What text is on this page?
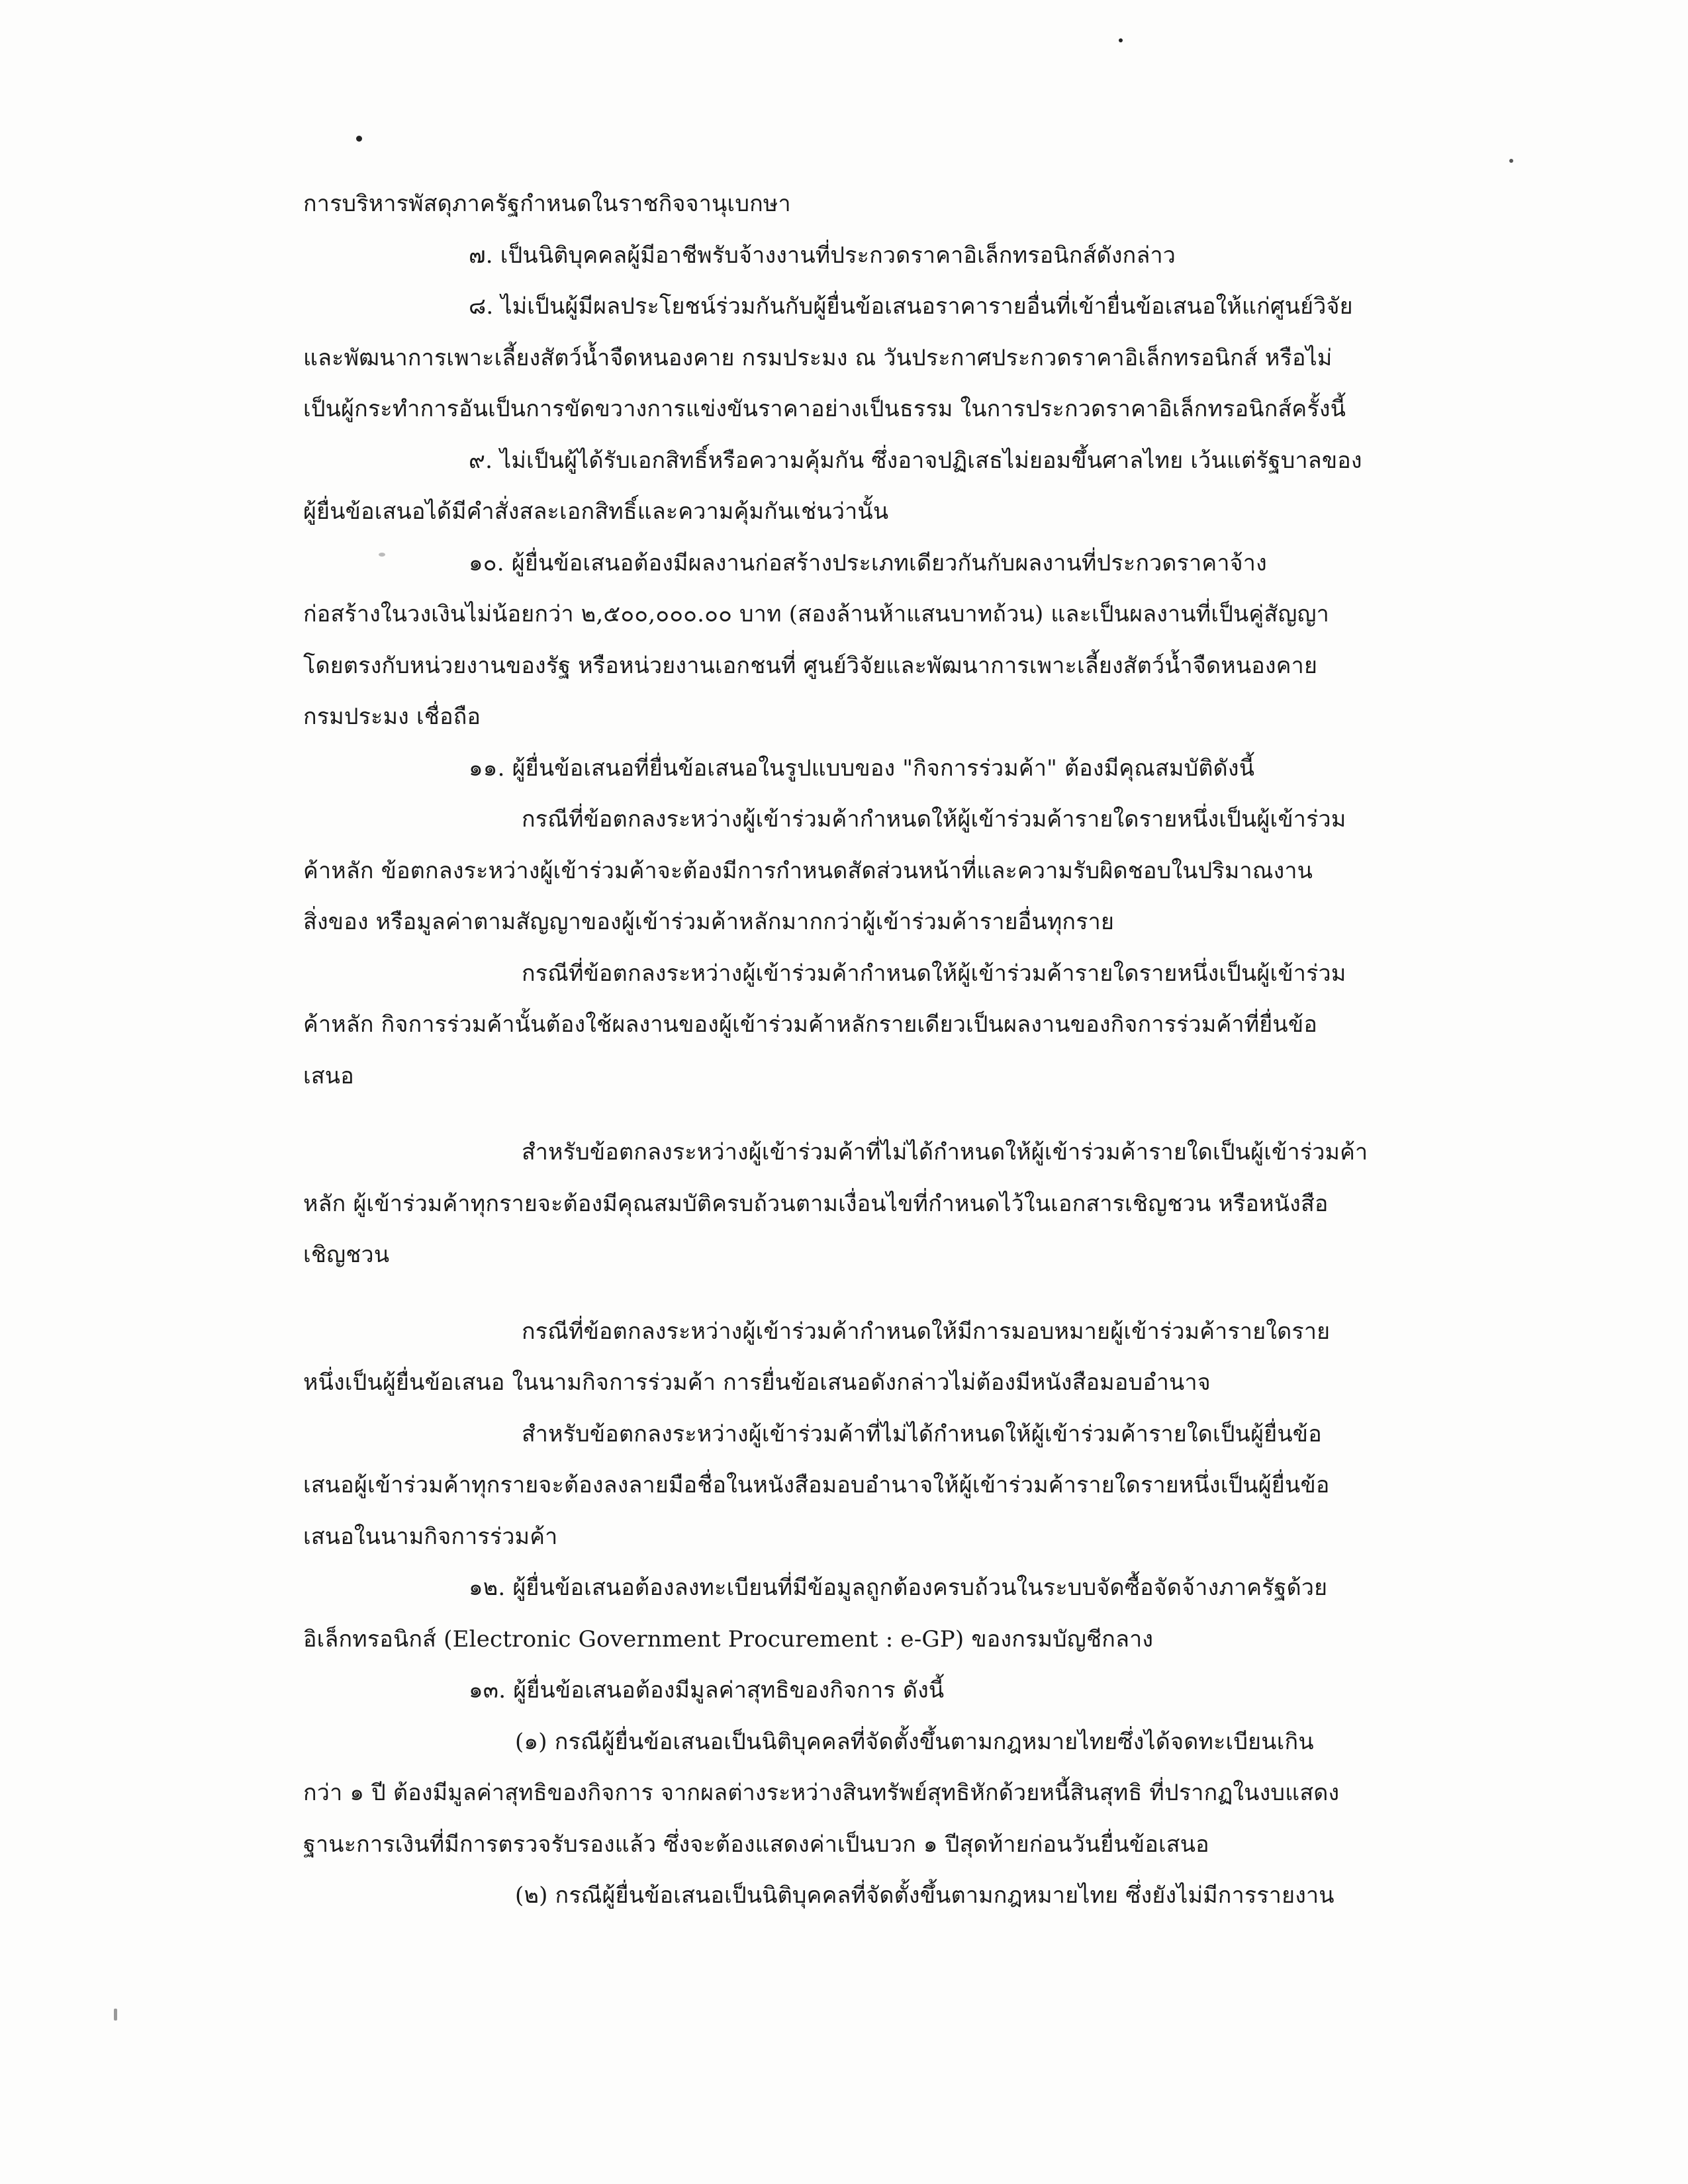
การบริหารพัสดุภาครัฐกำหนดในราชกิจจานุเบกษา
๗. เป็นนิติบุคคลผู้มีอาชีพรับจ้างงานที่ประกวดราคาอิเล็กทรอนิกส์ดังกล่าว
๘. ไม่เป็นผู้มีผลประโยชน์ร่วมกันกับผู้ยื่นข้อเสนอราคารายอื่นที่เข้ายื่นข้อเสนอให้แก่ศูนย์วิจัย
และพัฒนาการเพาะเลี้ยงสัตว์น้ำจืดหนองคาย กรมประมง ณ วันประกาศประกวดราคาอิเล็กทรอนิกส์ หรือไม่
เป็นผู้กระทำการอันเป็นการขัดขวางการแข่งขันราคาอย่างเป็นธรรม ในการประกวดราคาอิเล็กทรอนิกส์ครั้งนี้
๙. ไม่เป็นผู้ได้รับเอกสิทธิ์หรือความคุ้มกัน ซึ่งอาจปฏิเสธไม่ยอมขึ้นศาลไทย เว้นแต่รัฐบาลของ
ผู้ยื่นข้อเสนอได้มีคำสั่งสละเอกสิทธิ์และความคุ้มกันเช่นว่านั้น
๑๐. ผู้ยื่นข้อเสนอต้องมีผลงานก่อสร้างประเภทเดียวกันกับผลงานที่ประกวดราคาจ้าง
ก่อสร้างในวงเงินไม่น้อยกว่า ๒,๕๐๐,๐๐๐.๐๐ บาท (สองล้านห้าแสนบาทถ้วน) และเป็นผลงานที่เป็นคู่สัญญา
โดยตรงกับหน่วยงานของรัฐ หรือหน่วยงานเอกชนที่ ศูนย์วิจัยและพัฒนาการเพาะเลี้ยงสัตว์น้ำจืดหนองคาย
กรมประมง เชื่อถือ
๑๑. ผู้ยื่นข้อเสนอที่ยื่นข้อเสนอในรูปแบบของ "กิจการร่วมค้า" ต้องมีคุณสมบัติดังนี้
กรณีที่ข้อตกลงระหว่างผู้เข้าร่วมค้ากำหนดให้ผู้เข้าร่วมค้ารายใดรายหนึ่งเป็นผู้เข้าร่วม
ค้าหลัก ข้อตกลงระหว่างผู้เข้าร่วมค้าจะต้องมีการกำหนดสัดส่วนหน้าที่และความรับผิดชอบในปริมาณงาน
สิ่งของ หรือมูลค่าตามสัญญาของผู้เข้าร่วมค้าหลักมากกว่าผู้เข้าร่วมค้ารายอื่นทุกราย
กรณีที่ข้อตกลงระหว่างผู้เข้าร่วมค้ากำหนดให้ผู้เข้าร่วมค้ารายใดรายหนึ่งเป็นผู้เข้าร่วม
ค้าหลัก กิจการร่วมค้านั้นต้องใช้ผลงานของผู้เข้าร่วมค้าหลักรายเดียวเป็นผลงานของกิจการร่วมค้าที่ยื่นข้อ
เสนอ
สำหรับข้อตกลงระหว่างผู้เข้าร่วมค้าที่ไม่ได้กำหนดให้ผู้เข้าร่วมค้ารายใดเป็นผู้เข้าร่วมค้า
หลัก ผู้เข้าร่วมค้าทุกรายจะต้องมีคุณสมบัติครบถ้วนตามเงื่อนไขที่กำหนดไว้ในเอกสารเชิญชวน หรือหนังสือ
เชิญชวน
กรณีที่ข้อตกลงระหว่างผู้เข้าร่วมค้ากำหนดให้มีการมอบหมายผู้เข้าร่วมค้ารายใดราย
หนึ่งเป็นผู้ยื่นข้อเสนอ ในนามกิจการร่วมค้า การยื่นข้อเสนอดังกล่าวไม่ต้องมีหนังสือมอบอำนาจ
สำหรับข้อตกลงระหว่างผู้เข้าร่วมค้าที่ไม่ได้กำหนดให้ผู้เข้าร่วมค้ารายใดเป็นผู้ยื่นข้อ
เสนอผู้เข้าร่วมค้าทุกรายจะต้องลงลายมือชื่อในหนังสือมอบอำนาจให้ผู้เข้าร่วมค้ารายใดรายหนึ่งเป็นผู้ยื่นข้อ
เสนอในนามกิจการร่วมค้า
๑๒. ผู้ยื่นข้อเสนอต้องลงทะเบียนที่มีข้อมูลถูกต้องครบถ้วนในระบบจัดซื้อจัดจ้างภาครัฐด้วย
อิเล็กทรอนิกส์ (Electronic Government Procurement : e-GP) ของกรมบัญชีกลาง
๑๓. ผู้ยื่นข้อเสนอต้องมีมูลค่าสุทธิของกิจการ ดังนี้
(๑) กรณีผู้ยื่นข้อเสนอเป็นนิติบุคคลที่จัดตั้งขึ้นตามกฎหมายไทยซึ่งได้จดทะเบียนเกิน
กว่า ๑ ปี ต้องมีมูลค่าสุทธิของกิจการ จากผลต่างระหว่างสินทรัพย์สุทธิหักด้วยหนี้สินสุทธิ ที่ปรากฏในงบแสดง
ฐานะการเงินที่มีการตรวจรับรองแล้ว ซึ่งจะต้องแสดงค่าเป็นบวก ๑ ปีสุดท้ายก่อนวันยื่นข้อเสนอ
(๒) กรณีผู้ยื่นข้อเสนอเป็นนิติบุคคลที่จัดตั้งขึ้นตามกฎหมายไทย ซึ่งยังไม่มีการรายงาน
